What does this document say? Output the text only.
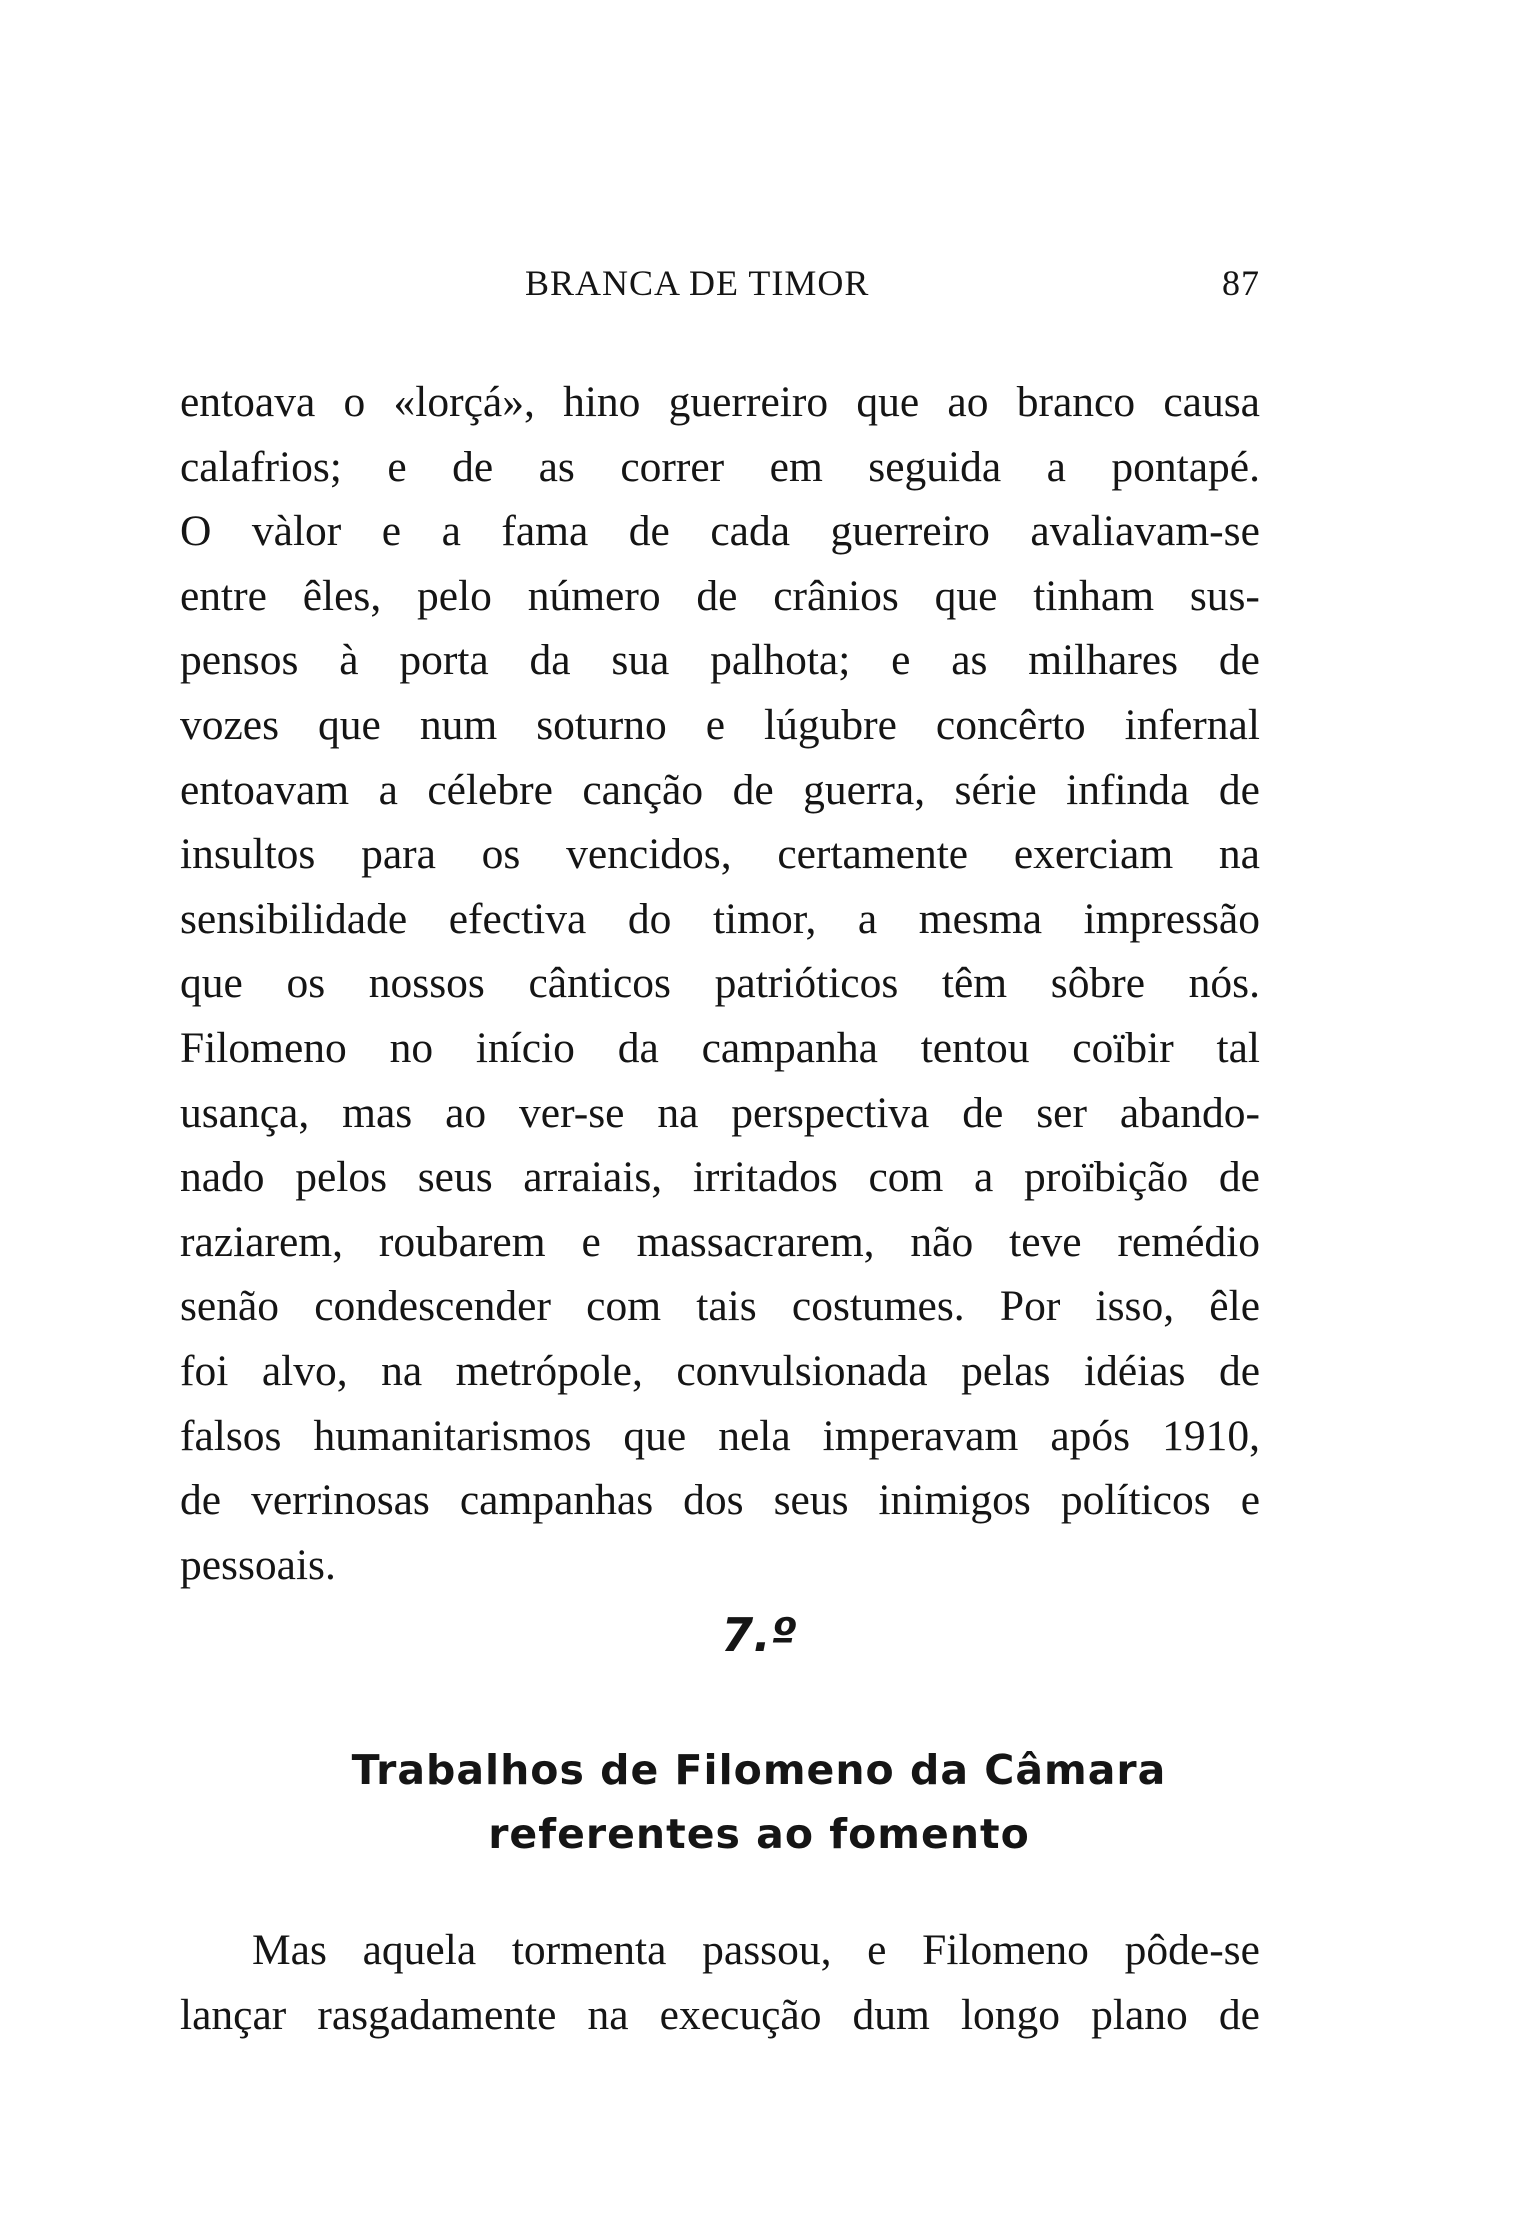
BRANCA DE TIMOR	87
entoava o «lorçá», hino guerreiro que ao branco causa
calafrios; e de as correr em seguida a pontapé.
O vàlor e a fama de cada guerreiro avaliavam-se
entre êles, pelo número de crânios que tinham sus-
pensos à porta da sua palhota; e as milhares de
vozes que num soturno e lúgubre concêrto infernal
entoavam a célebre canção de guerra, série infinda de
insultos para os vencidos, certamente exerciam na
sensibilidade efectiva do timor, a mesma impressão
que os nossos cânticos patrióticos têm sôbre nós.
Filomeno no início da campanha tentou coïbir tal
usança, mas ao ver-se na perspectiva de ser abando-
nado pelos seus arraiais, irritados com a proïbição de
raziarem, roubarem e massacrarem, não teve remédio
senão condescender com tais costumes. Por isso, êle
foi alvo, na metrópole, convulsionada pelas idéias de
falsos humanitarismos que nela imperavam após 1910,
de verrinosas campanhas dos seus inimigos políticos e
pessoais.
7.º
Trabalhos de Filomeno da Câmara
referentes ao fomento
Mas aquela tormenta passou, e Filomeno pôde-se
lançar rasgadamente na execução dum longo plano de
